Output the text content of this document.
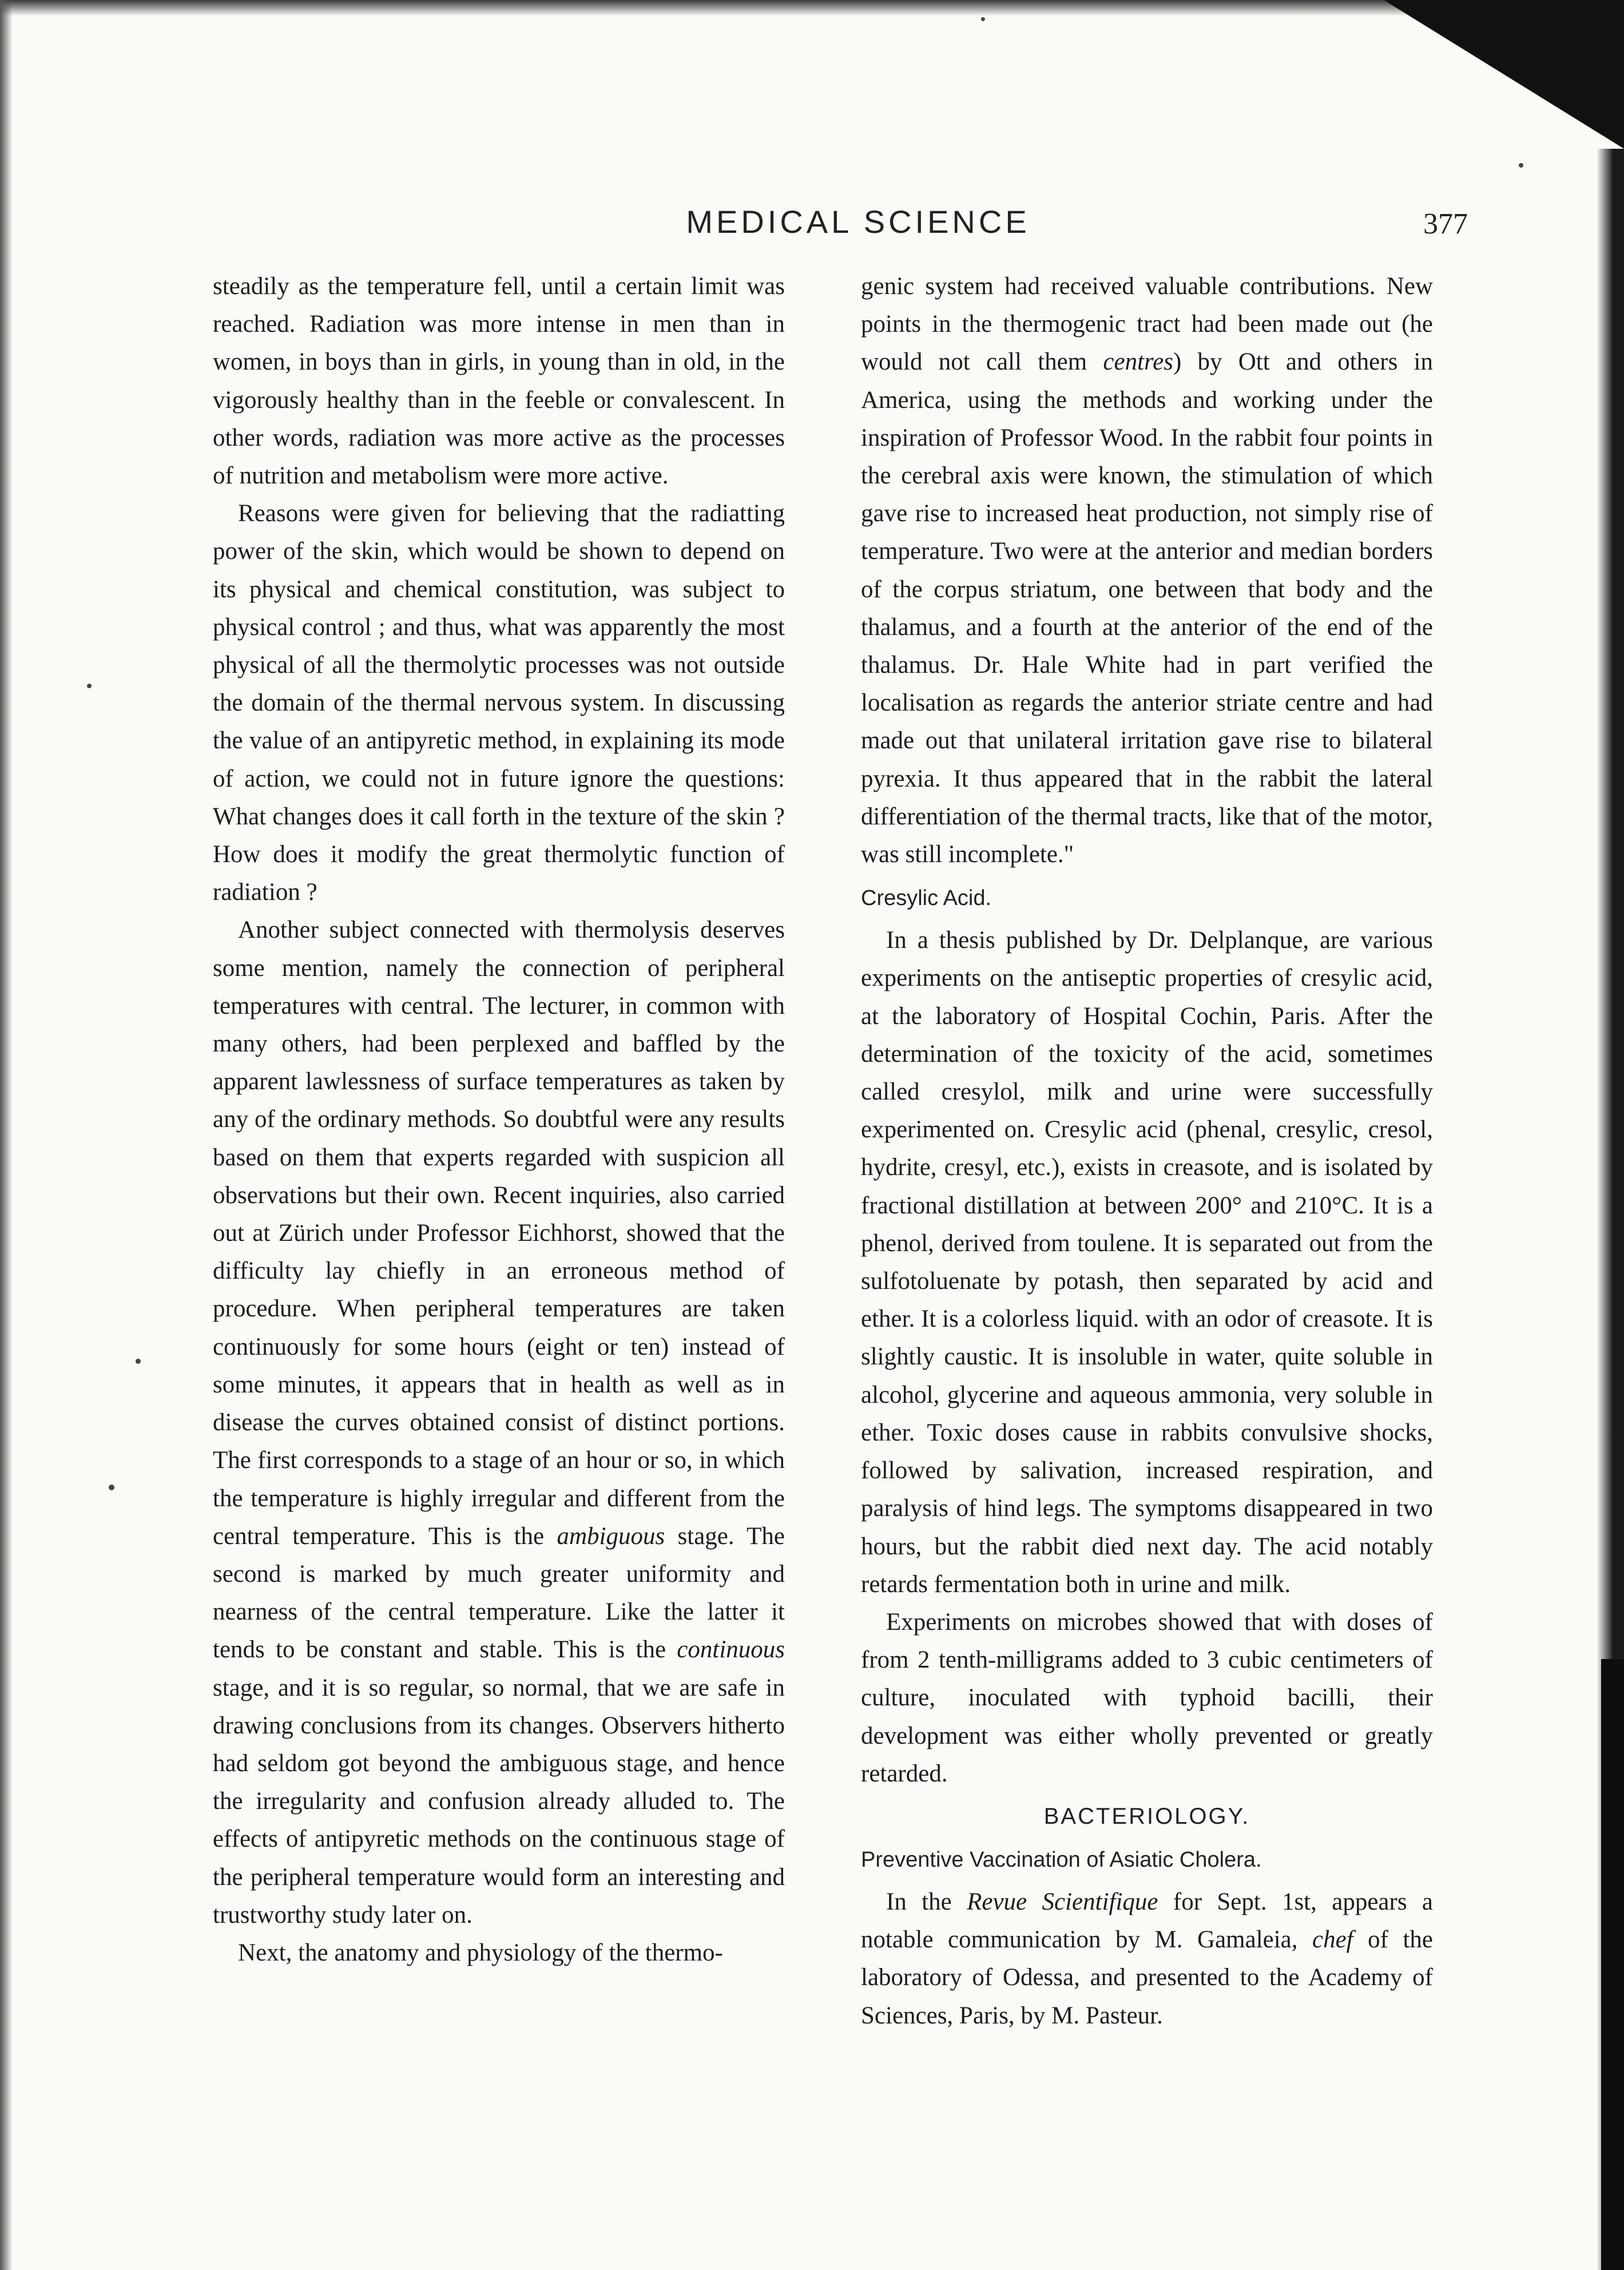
MEDICAL SCIENCE	377

steadily as the temperature fell, until a certain limit was reached. Radiation was more intense in men than in women, in boys than in girls, in young than in old, in the vigorously healthy than in the feeble or convalescent. In other words, radiation was more active as the processes of nutrition and metabolism were more active.

Reasons were given for believing that the radiatting power of the skin, which would be shown to depend on its physical and chemical constitution, was subject to physical control ; and thus, what was apparently the most physical of all the thermolytic processes was not outside the domain of the thermal nervous system. In discussing the value of an antipyretic method, in explaining its mode of action, we could not in future ignore the questions: What changes does it call forth in the texture of the skin ? How does it modify the great thermolytic function of radiation ?

Another subject connected with thermolysis deserves some mention, namely the connection of peripheral temperatures with central. The lecturer, in common with many others, had been perplexed and baffled by the apparent lawlessness of surface temperatures as taken by any of the ordinary methods. So doubtful were any results based on them that experts regarded with suspicion all observations but their own. Recent inquiries, also carried out at Zürich under Professor Eichhorst, showed that the difficulty lay chiefly in an erroneous method of procedure. When peripheral temperatures are taken continuously for some hours (eight or ten) instead of some minutes, it appears that in health as well as in disease the curves obtained consist of distinct portions. The first corresponds to a stage of an hour or so, in which the temperature is highly irregular and different from the central temperature. This is the ambiguous stage. The second is marked by much greater uniformity and nearness of the central temperature. Like the latter it tends to be constant and stable. This is the continuous stage, and it is so regular, so normal, that we are safe in drawing conclusions from its changes. Observers hitherto had seldom got beyond the ambiguous stage, and hence the irregularity and confusion already alluded to. The effects of antipyretic methods on the continuous stage of the peripheral temperature would form an interesting and trustworthy study later on.

Next, the anatomy and physiology of the thermo-

genic system had received valuable contributions. New points in the thermogenic tract had been made out (he would not call them centres) by Ott and others in America, using the methods and working under the inspiration of Professor Wood. In the rabbit four points in the cerebral axis were known, the stimulation of which gave rise to increased heat production, not simply rise of temperature. Two were at the anterior and median borders of the corpus striatum, one between that body and the thalamus, and a fourth at the anterior of the end of the thalamus. Dr. Hale White had in part verified the localisation as regards the anterior striate centre and had made out that unilateral irritation gave rise to bilateral pyrexia. It thus appeared that in the rabbit the lateral differentiation of the thermal tracts, like that of the motor, was still incomplete."

Cresylic Acid.

In a thesis published by Dr. Delplanque, are various experiments on the antiseptic properties of cresylic acid, at the laboratory of Hospital Cochin, Paris. After the determination of the toxicity of the acid, sometimes called cresylol, milk and urine were successfully experimented on. Cresylic acid (phenal, cresylic, cresol, hydrite, cresyl, etc.), exists in creasote, and is isolated by fractional distillation at between 200° and 210°C. It is a phenol, derived from toulene. It is separated out from the sulfotoluenate by potash, then separated by acid and ether. It is a colorless liquid. with an odor of creasote. It is slightly caustic. It is insoluble in water, quite soluble in alcohol, glycerine and aqueous ammonia, very soluble in ether. Toxic doses cause in rabbits convulsive shocks, followed by salivation, increased respiration, and paralysis of hind legs. The symptoms disappeared in two hours, but the rabbit died next day. The acid notably retards fermentation both in urine and milk.

Experiments on microbes showed that with doses of from 2 tenth-milligrams added to 3 cubic centimeters of culture, inoculated with typhoid bacilli, their development was either wholly prevented or greatly retarded.

BACTERIOLOGY.
Preventive Vaccination of Asiatic Cholera.

In the Revue Scientifique for Sept. 1st, appears a notable communication by M. Gamaleia, chef of the laboratory of Odessa, and presented to the Academy of Sciences, Paris, by M. Pasteur.
